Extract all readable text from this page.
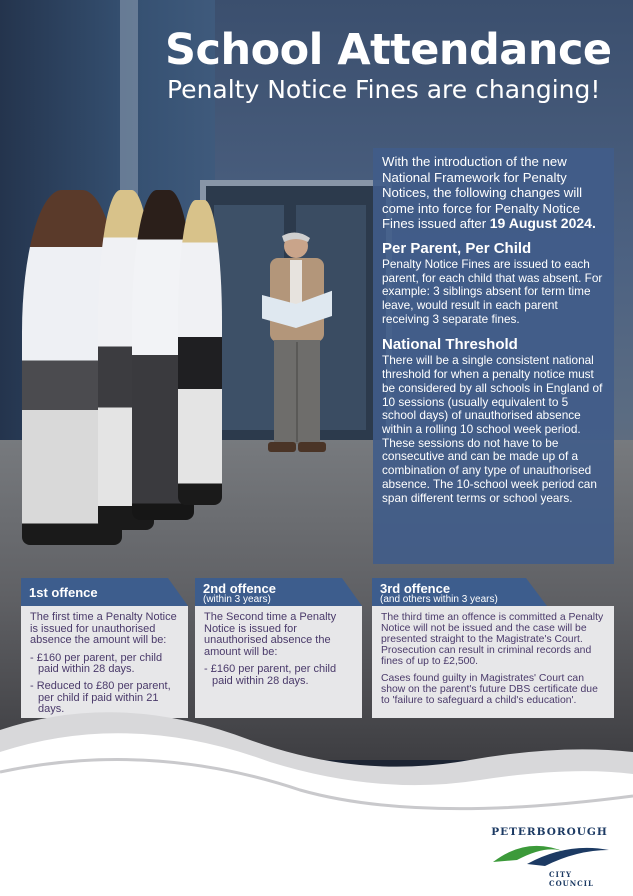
School Attendance
Penalty Notice Fines are changing!

With the introduction of the new National Framework for Penalty Notices, the following changes will come into force for Penalty Notice Fines issued after 19 August 2024.

Per Parent, Per Child

Penalty Notice Fines are issued to each parent, for each child that was absent. For example: 3 siblings absent for term time leave, would result in each parent receiving 3 separate fines.

National Threshold

There will be a single consistent national threshold for when a penalty notice must be considered by all schools in England of 10 sessions (usually equivalent to 5 school days) of unauthorised absence within a rolling 10 school week period. These sessions do not have to be consecutive and can be made up of a combination of any type of unauthorised absence. The 10-school week period can span different terms or school years.

1st offence

The first time a Penalty Notice is issued for unauthorised absence the amount will be:

- £160 per parent, per child paid within 28 days.
- Reduced to £80 per parent, per child if paid within 21 days.
2nd offence
(within 3 years)

The Second time a Penalty Notice is issued for unauthorised absence the amount will be:

- £160 per parent, per child paid within 28 days.
3rd offence
(and others within 3 years)

The third time an offence is committed a Penalty Notice will not be issued and the case will be presented straight to the Magistrate's Court. Prosecution can result in criminal records and fines of up to £2,500.

Cases found guilty in Magistrates' Court can show on the parent's future DBS certificate due to 'failure to safeguard a child's education'.

PETERBOROUGH
CITY COUNCIL
